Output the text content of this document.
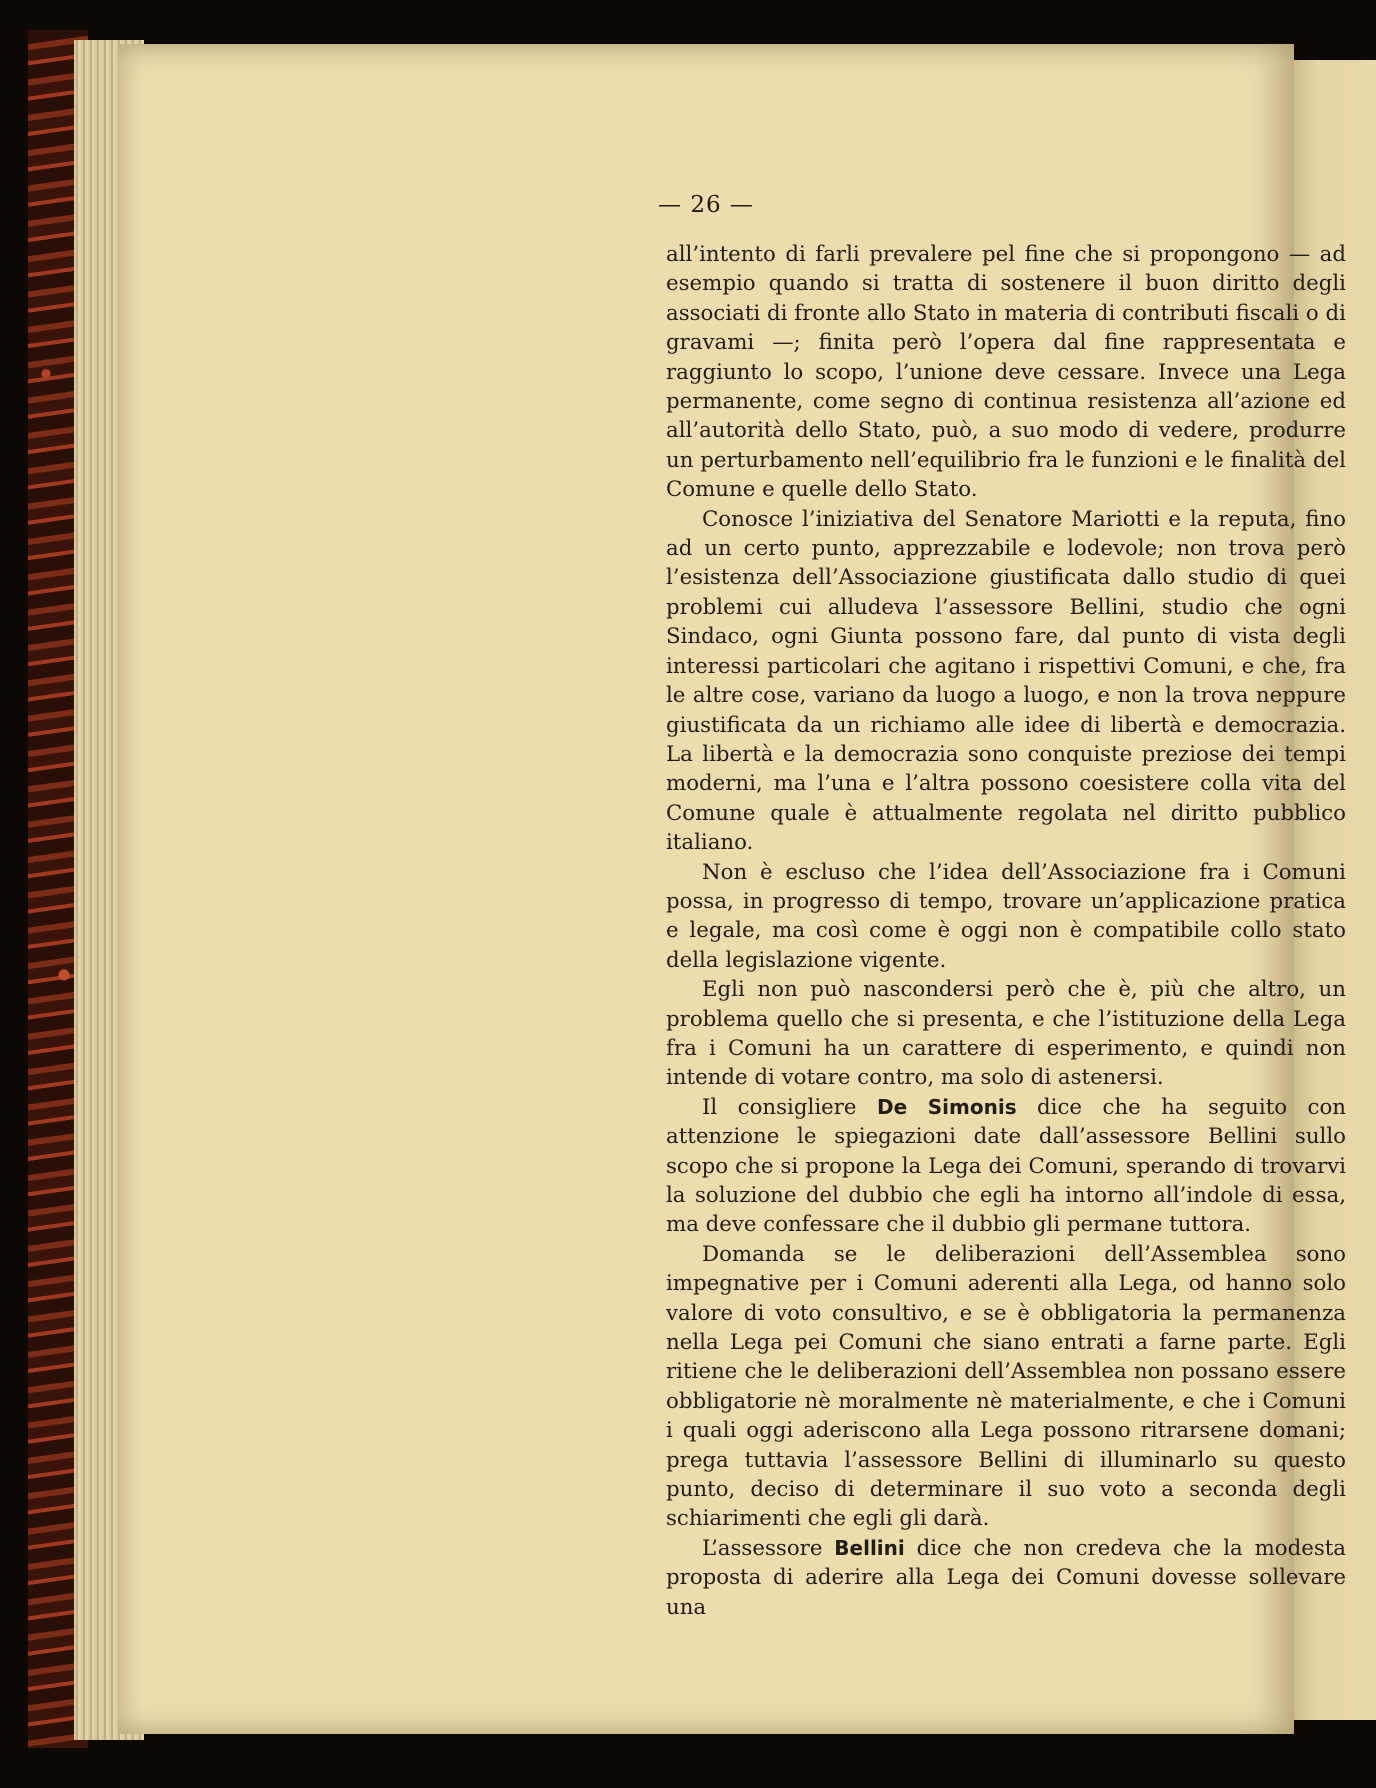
— 26 —

all’intento di farli prevalere pel fine che si propongono — ad esempio quando si tratta di sostenere il buon diritto degli associati di fronte allo Stato in materia di contributi fiscali o di gravami —; finita però l’opera dal fine rappresentata e raggiunto lo scopo, l’unione deve cessare. Invece una Lega permanente, come segno di continua resistenza all’azione ed all’autorità dello Stato, può, a suo modo di vedere, produrre un perturbamento nell’equilibrio fra le funzioni e le finalità del Comune e quelle dello Stato.

Conosce l’iniziativa del Senatore Mariotti e la reputa, fino ad un certo punto, apprezzabile e lodevole; non trova però l’esistenza dell’Associazione giustificata dallo studio di quei problemi cui alludeva l’assessore Bellini, studio che ogni Sindaco, ogni Giunta possono fare, dal punto di vista degli interessi particolari che agitano i rispettivi Comuni, e che, fra le altre cose, variano da luogo a luogo, e non la trova neppure giustificata da un richiamo alle idee di libertà e democrazia. La libertà e la democrazia sono conquiste preziose dei tempi moderni, ma l’una e l’altra possono coesistere colla vita del Comune quale è attualmente regolata nel diritto pubblico italiano.

Non è escluso che l’idea dell’Associazione fra i Comuni possa, in progresso di tempo, trovare un’applicazione pratica e legale, ma così come è oggi non è compatibile collo stato della legislazione vigente.

Egli non può nascondersi però che è, più che altro, un problema quello che si presenta, e che l’istituzione della Lega fra i Comuni ha un carattere di esperimento, e quindi non intende di votare contro, ma solo di astenersi.

Il consigliere De Simonis dice che ha seguito con attenzione le spiegazioni date dall’assessore Bellini sullo scopo che si propone la Lega dei Comuni, sperando di trovarvi la soluzione del dubbio che egli ha intorno all’indole di essa, ma deve confessare che il dubbio gli permane tuttora.

Domanda se le deliberazioni dell’Assemblea sono impegnative per i Comuni aderenti alla Lega, od hanno solo valore di voto consultivo, e se è obbligatoria la permanenza nella Lega pei Comuni che siano entrati a farne parte. Egli ritiene che le deliberazioni dell’Assemblea non possano essere obbligatorie nè moralmente nè materialmente, e che i Comuni i quali oggi aderiscono alla Lega possono ritrarsene domani; prega tuttavia l’assessore Bellini di illuminarlo su questo punto, deciso di determinare il suo voto a seconda degli schiarimenti che egli gli darà.

L’assessore Bellini dice che non credeva che la modesta proposta di aderire alla Lega dei Comuni dovesse sollevare una
